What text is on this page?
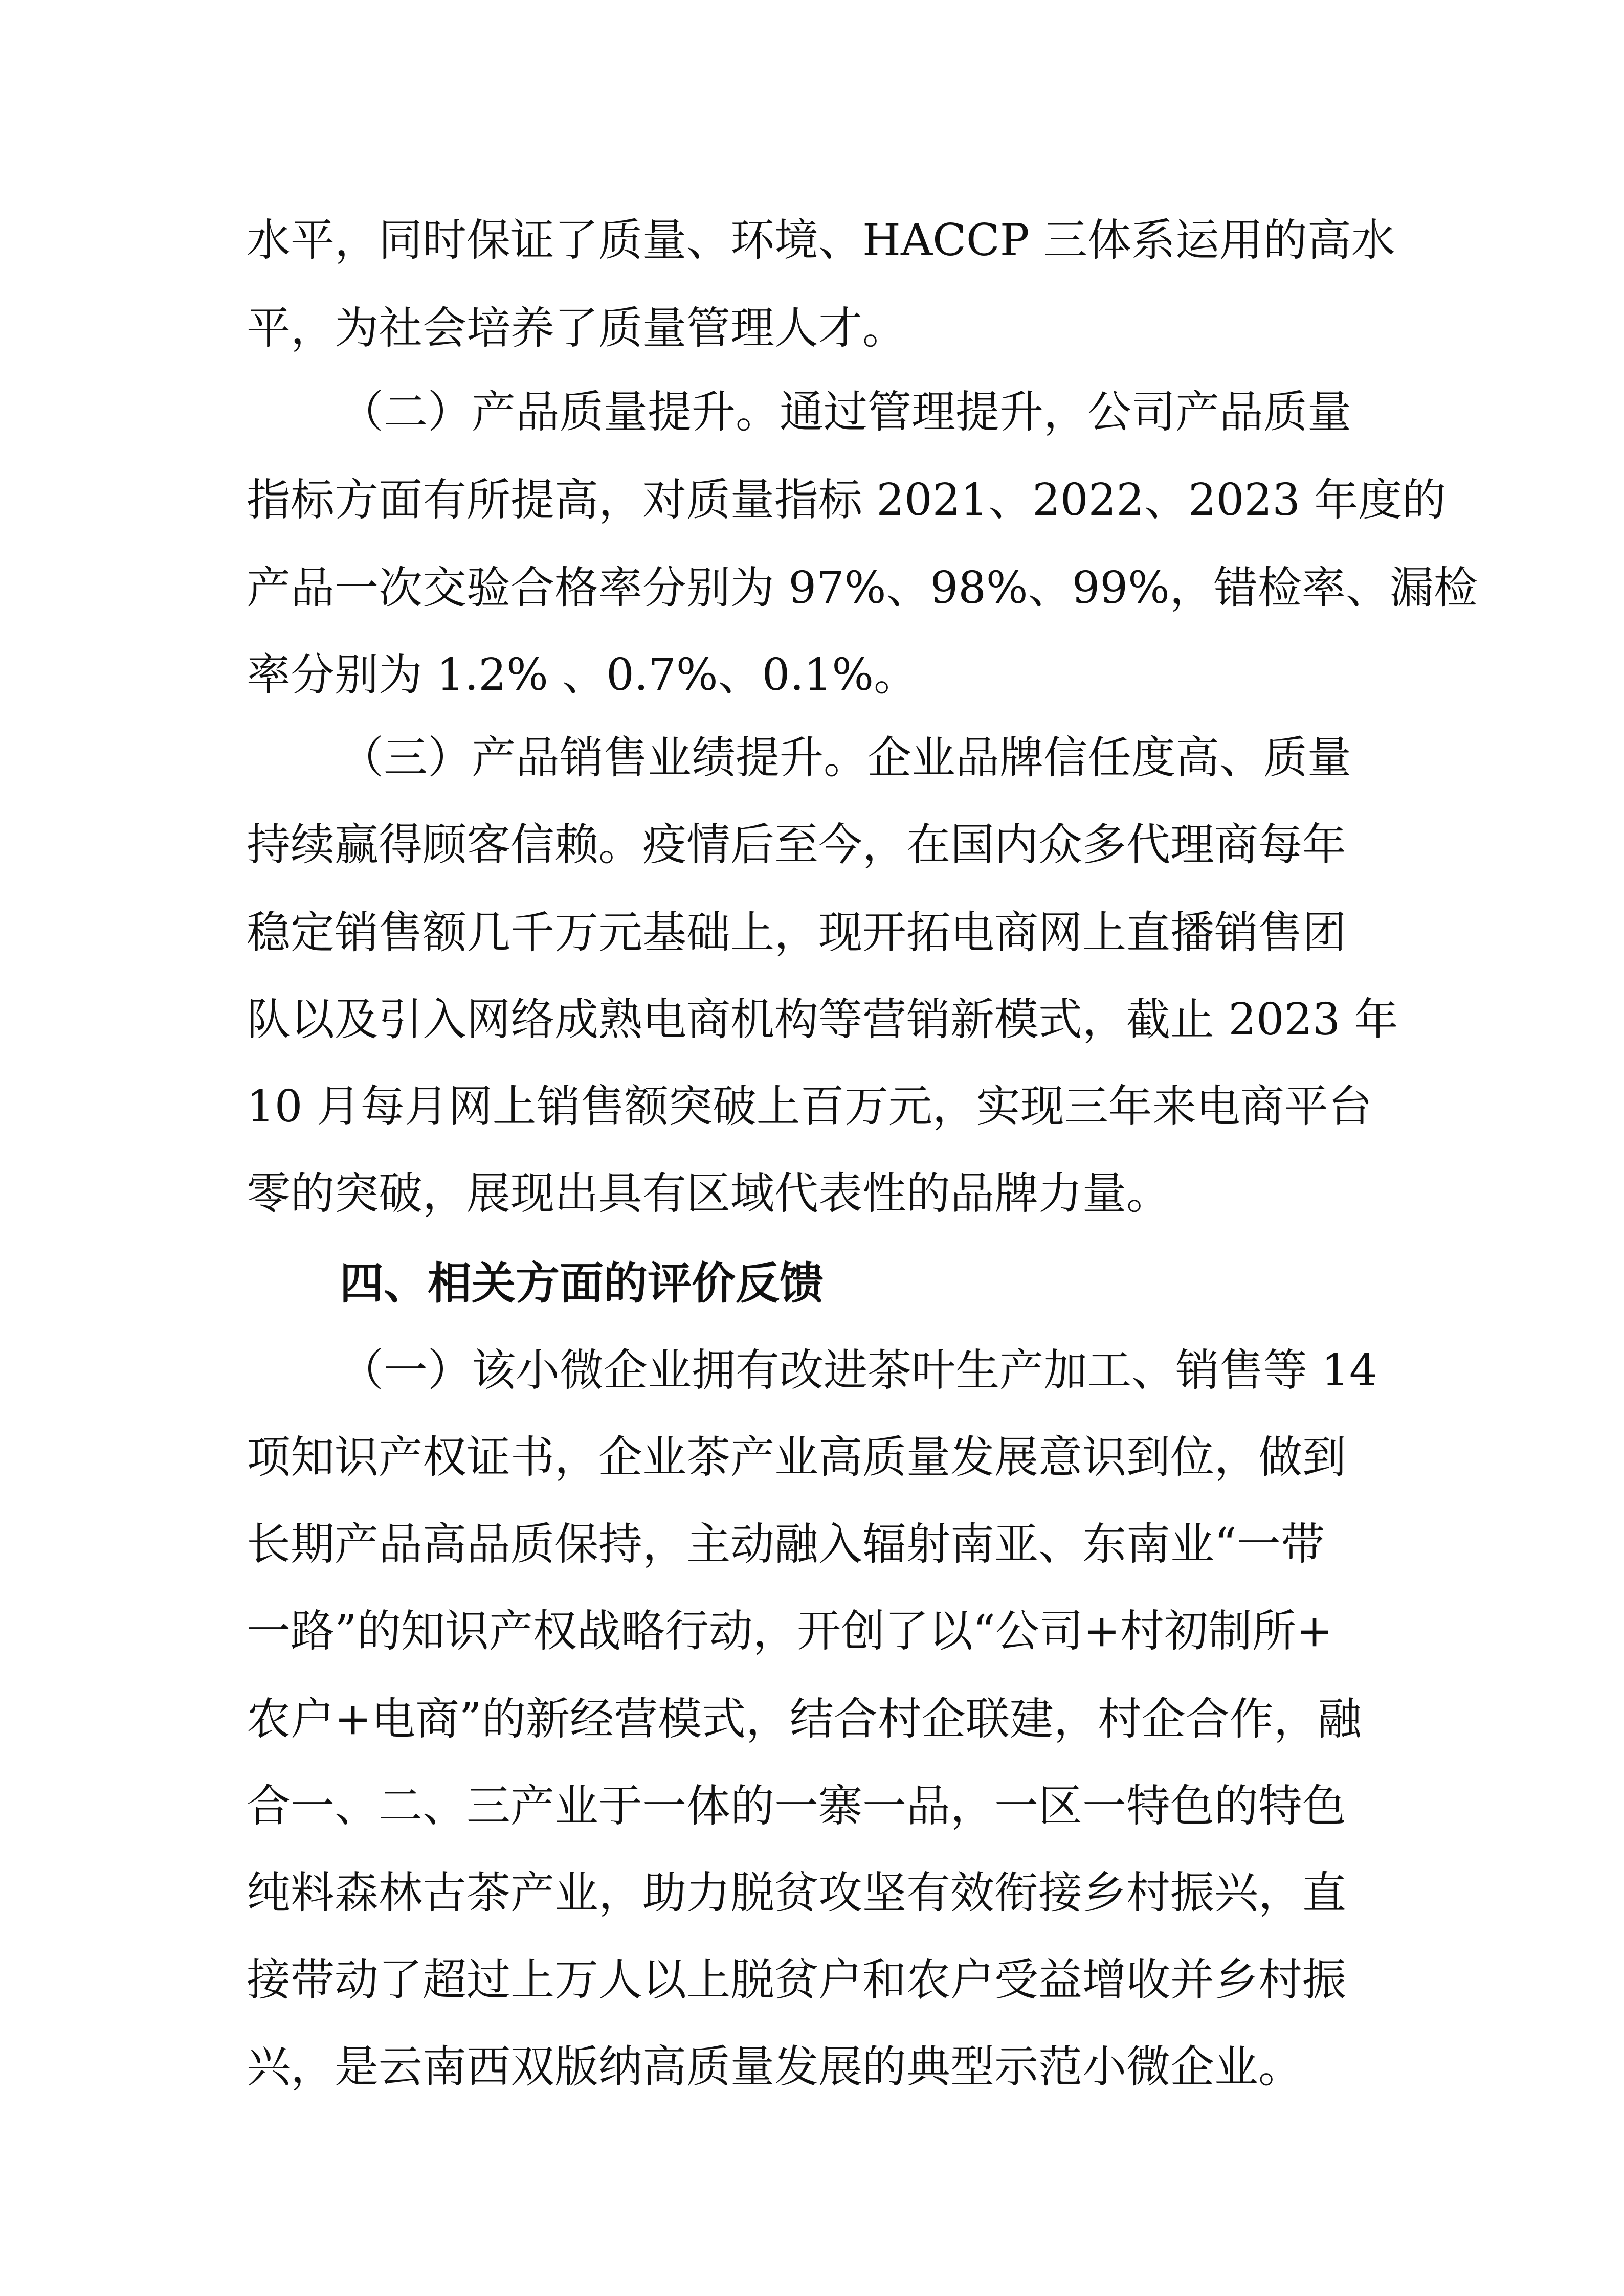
水平，同时保证了质量、环境、HACCP 三体系运用的高水
平，为社会培养了质量管理人才。
（二）产品质量提升。通过管理提升，公司产品质量
指标方面有所提高，对质量指标 2021、2022、2023 年度的
产品一次交验合格率分别为 97%、98%、99%，错检率、漏检
率分别为 1.2% 、0.7%、0.1%。
（三）产品销售业绩提升。企业品牌信任度高、质量
持续赢得顾客信赖。疫情后至今，在国内众多代理商每年
稳定销售额几千万元基础上，现开拓电商网上直播销售团
队以及引入网络成熟电商机构等营销新模式，截止 2023 年
10 月每月网上销售额突破上百万元，实现三年来电商平台
零的突破，展现出具有区域代表性的品牌力量。
四、相关方面的评价反馈
（一）该小微企业拥有改进茶叶生产加工、销售等 14
项知识产权证书，企业茶产业高质量发展意识到位，做到
长期产品高品质保持，主动融入辐射南亚、东南业“一带
一路”的知识产权战略行动，开创了以“公司+村初制所+
农户+电商”的新经营模式，结合村企联建，村企合作，融
合一、二、三产业于一体的一寨一品，一区一特色的特色
纯料森林古茶产业，助力脱贫攻坚有效衔接乡村振兴，直
接带动了超过上万人以上脱贫户和农户受益增收并乡村振
兴，是云南西双版纳高质量发展的典型示范小微企业。
